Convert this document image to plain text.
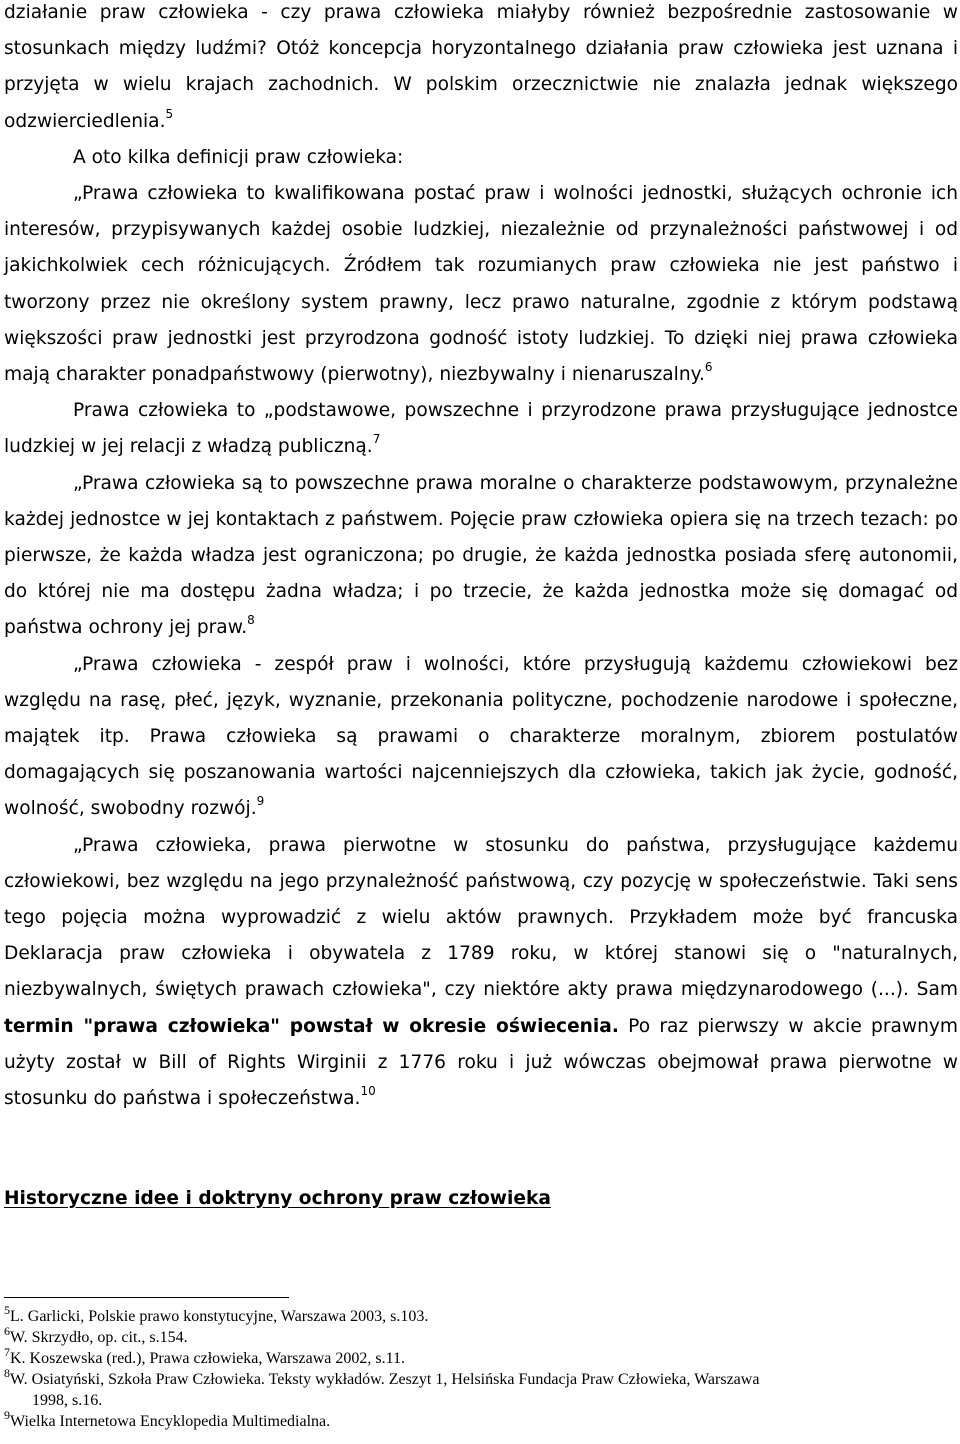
działanie praw człowieka - czy prawa człowieka miałyby również bezpośrednie zastosowanie w stosunkach między ludźmi? Otóż koncepcja horyzontalnego działania praw człowieka jest uznana i przyjęta w wielu krajach zachodnich. W polskim orzecznictwie nie znalazła jednak większego odzwierciedlenia.$^5$

A oto kilka definicji praw człowieka:

„Prawa człowieka to kwalifikowana postać praw i wolności jednostki, służących ochronie ich interesów, przypisywanych każdej osobie ludzkiej, niezależnie od przynależności państwowej i od jakichkolwiek cech różnicujących. Źródłem tak rozumianych praw człowieka nie jest państwo i tworzony przez nie określony system prawny, lecz prawo naturalne, zgodnie z którym podstawą większości praw jednostki jest przyrodzona godność istoty ludzkiej. To dzięki niej prawa człowieka mają charakter ponadpaństwowy (pierwotny), niezbywalny i nienaruszalny.$^6$

Prawa człowieka to „podstawowe, powszechne i przyrodzone prawa przysługujące jednostce ludzkiej w jej relacji z władzą publiczną.$^7$

„Prawa człowieka są to powszechne prawa moralne o charakterze podstawowym, przynależne każdej jednostce w jej kontaktach z państwem. Pojęcie praw człowieka opiera się na trzech tezach: po pierwsze, że każda władza jest ograniczona; po drugie, że każda jednostka posiada sferę autonomii, do której nie ma dostępu żadna władza; i po trzecie, że każda jednostka może się domagać od państwa ochrony jej praw.$^8$

„Prawa człowieka - zespół praw i wolności, które przysługują każdemu człowiekowi bez względu na rasę, płeć, język, wyznanie, przekonania polityczne, pochodzenie narodowe i społeczne, majątek itp. Prawa człowieka są prawami o charakterze moralnym, zbiorem postulatów domagających się poszanowania wartości najcenniejszych dla człowieka, takich jak życie, godność, wolność, swobodny rozwój.$^9$

„Prawa człowieka, prawa pierwotne w stosunku do państwa, przysługujące każdemu człowiekowi, bez względu na jego przynależność państwową, czy pozycję w społeczeństwie. Taki sens tego pojęcia można wyprowadzić z wielu aktów prawnych. Przykładem może być francuska Deklaracja praw człowieka i obywatela z 1789 roku, w której stanowi się o "naturalnych, niezbywalnych, świętych prawach człowieka", czy niektóre akty prawa międzynarodowego (...). Sam termin "prawa człowieka" powstał w okresie oświecenia. Po raz pierwszy w akcie prawnym użyty został w Bill of Rights Wirginii z 1776 roku i już wówczas obejmował prawa pierwotne w stosunku do państwa i społeczeństwa.$^{10}$

Historyczne idee i doktryny ochrony praw człowieka

$^5$L. Garlicki, Polskie prawo konstytucyjne, Warszawa 2003, s.103.

$^6$W. Skrzydło, op. cit., s.154.

$^7$K. Koszewska (red.), Prawa człowieka, Warszawa 2002, s.11.

$^8$W. Osiatyński, Szkoła Praw Człowieka. Teksty wykładów. Zeszyt 1, Helsińska Fundacja Praw Człowieka, Warszawa
1998, s.16.

$^9$Wielka Internetowa Encyklopedia Multimedialna.
